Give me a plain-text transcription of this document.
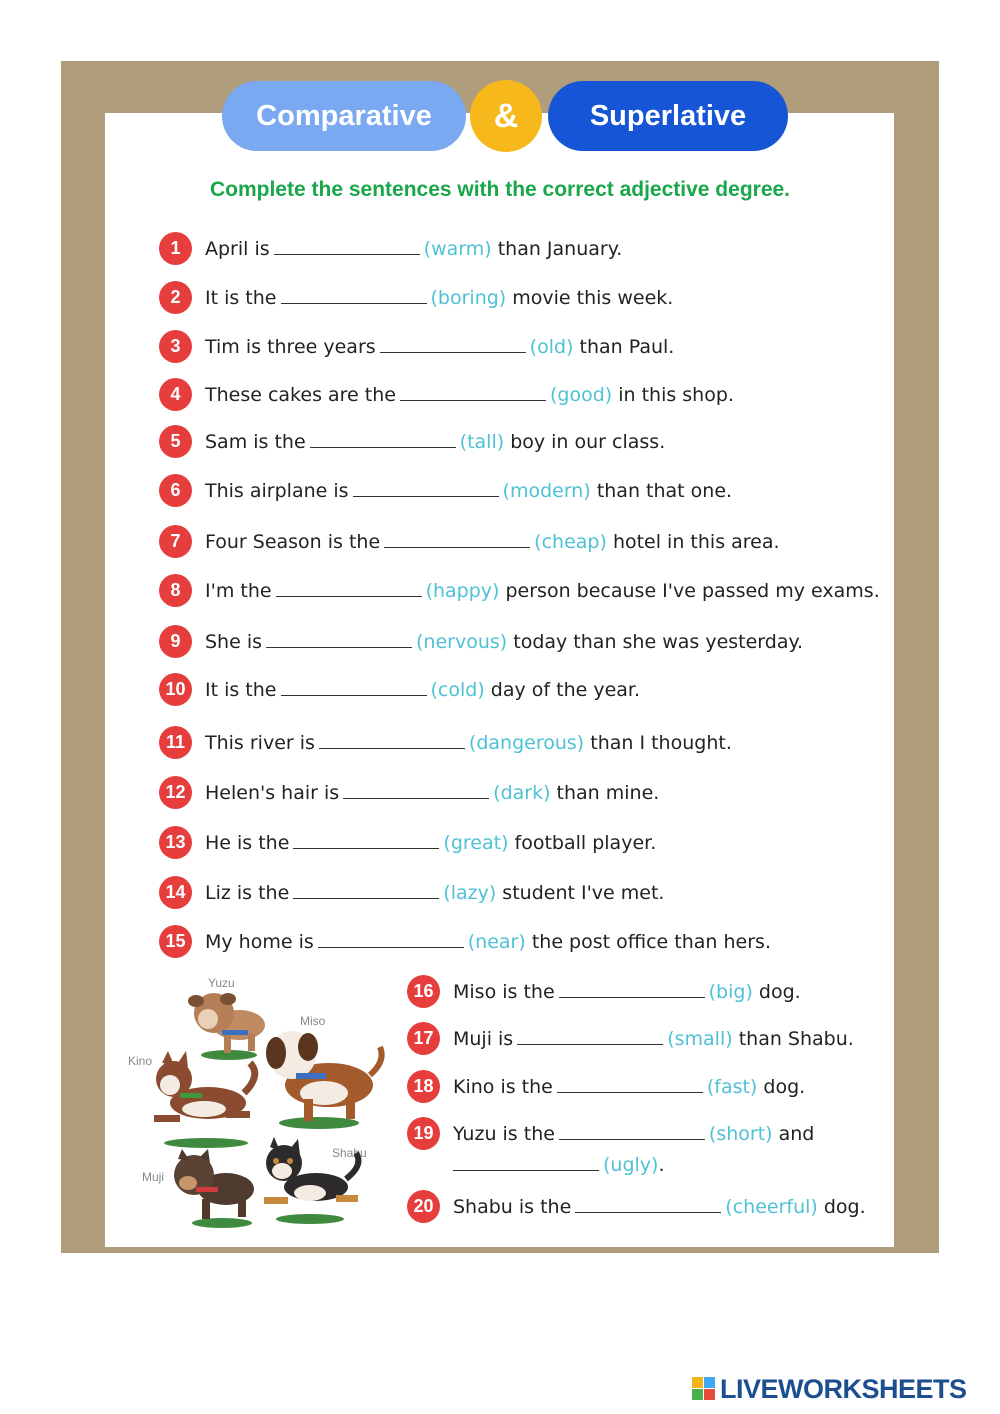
Comparative	Superlative
&
Complete the sentences with the correct adjective degree.
1	April is	(warm) than January.
2	It is the	(boring) movie this week.
3	Tim is three years	(old) than Paul.
4	These cakes are the	(good) in this shop.
5	Sam is the	(tall) boy in our class.
6	This airplane is	(modern) than that one.
7	Four Season is the	(cheap) hotel in this area.
8	I'm the	(happy) person because I've passed my exams.
9	She is	(nervous) today than she was yesterday.
10	It is the	(cold) day of the year.
11	This river is	(dangerous) than I thought.
12	Helen's hair is	(dark) than mine.
13	He is the	(great) football player.
14	Liz is the	(lazy) student I've met.
15	My home is	(near) the post office than hers.
16	Miso is the	(big) dog.
17	Muji is	(small) than Shabu.
18	Kino is the	(fast) dog.
19	Yuzu is the	(short) and
(ugly).
20	Shabu is the	(cheerful) dog.
Yuzu
Miso
Kino
Muji
Shabu
LIVEWORKSHEETS
